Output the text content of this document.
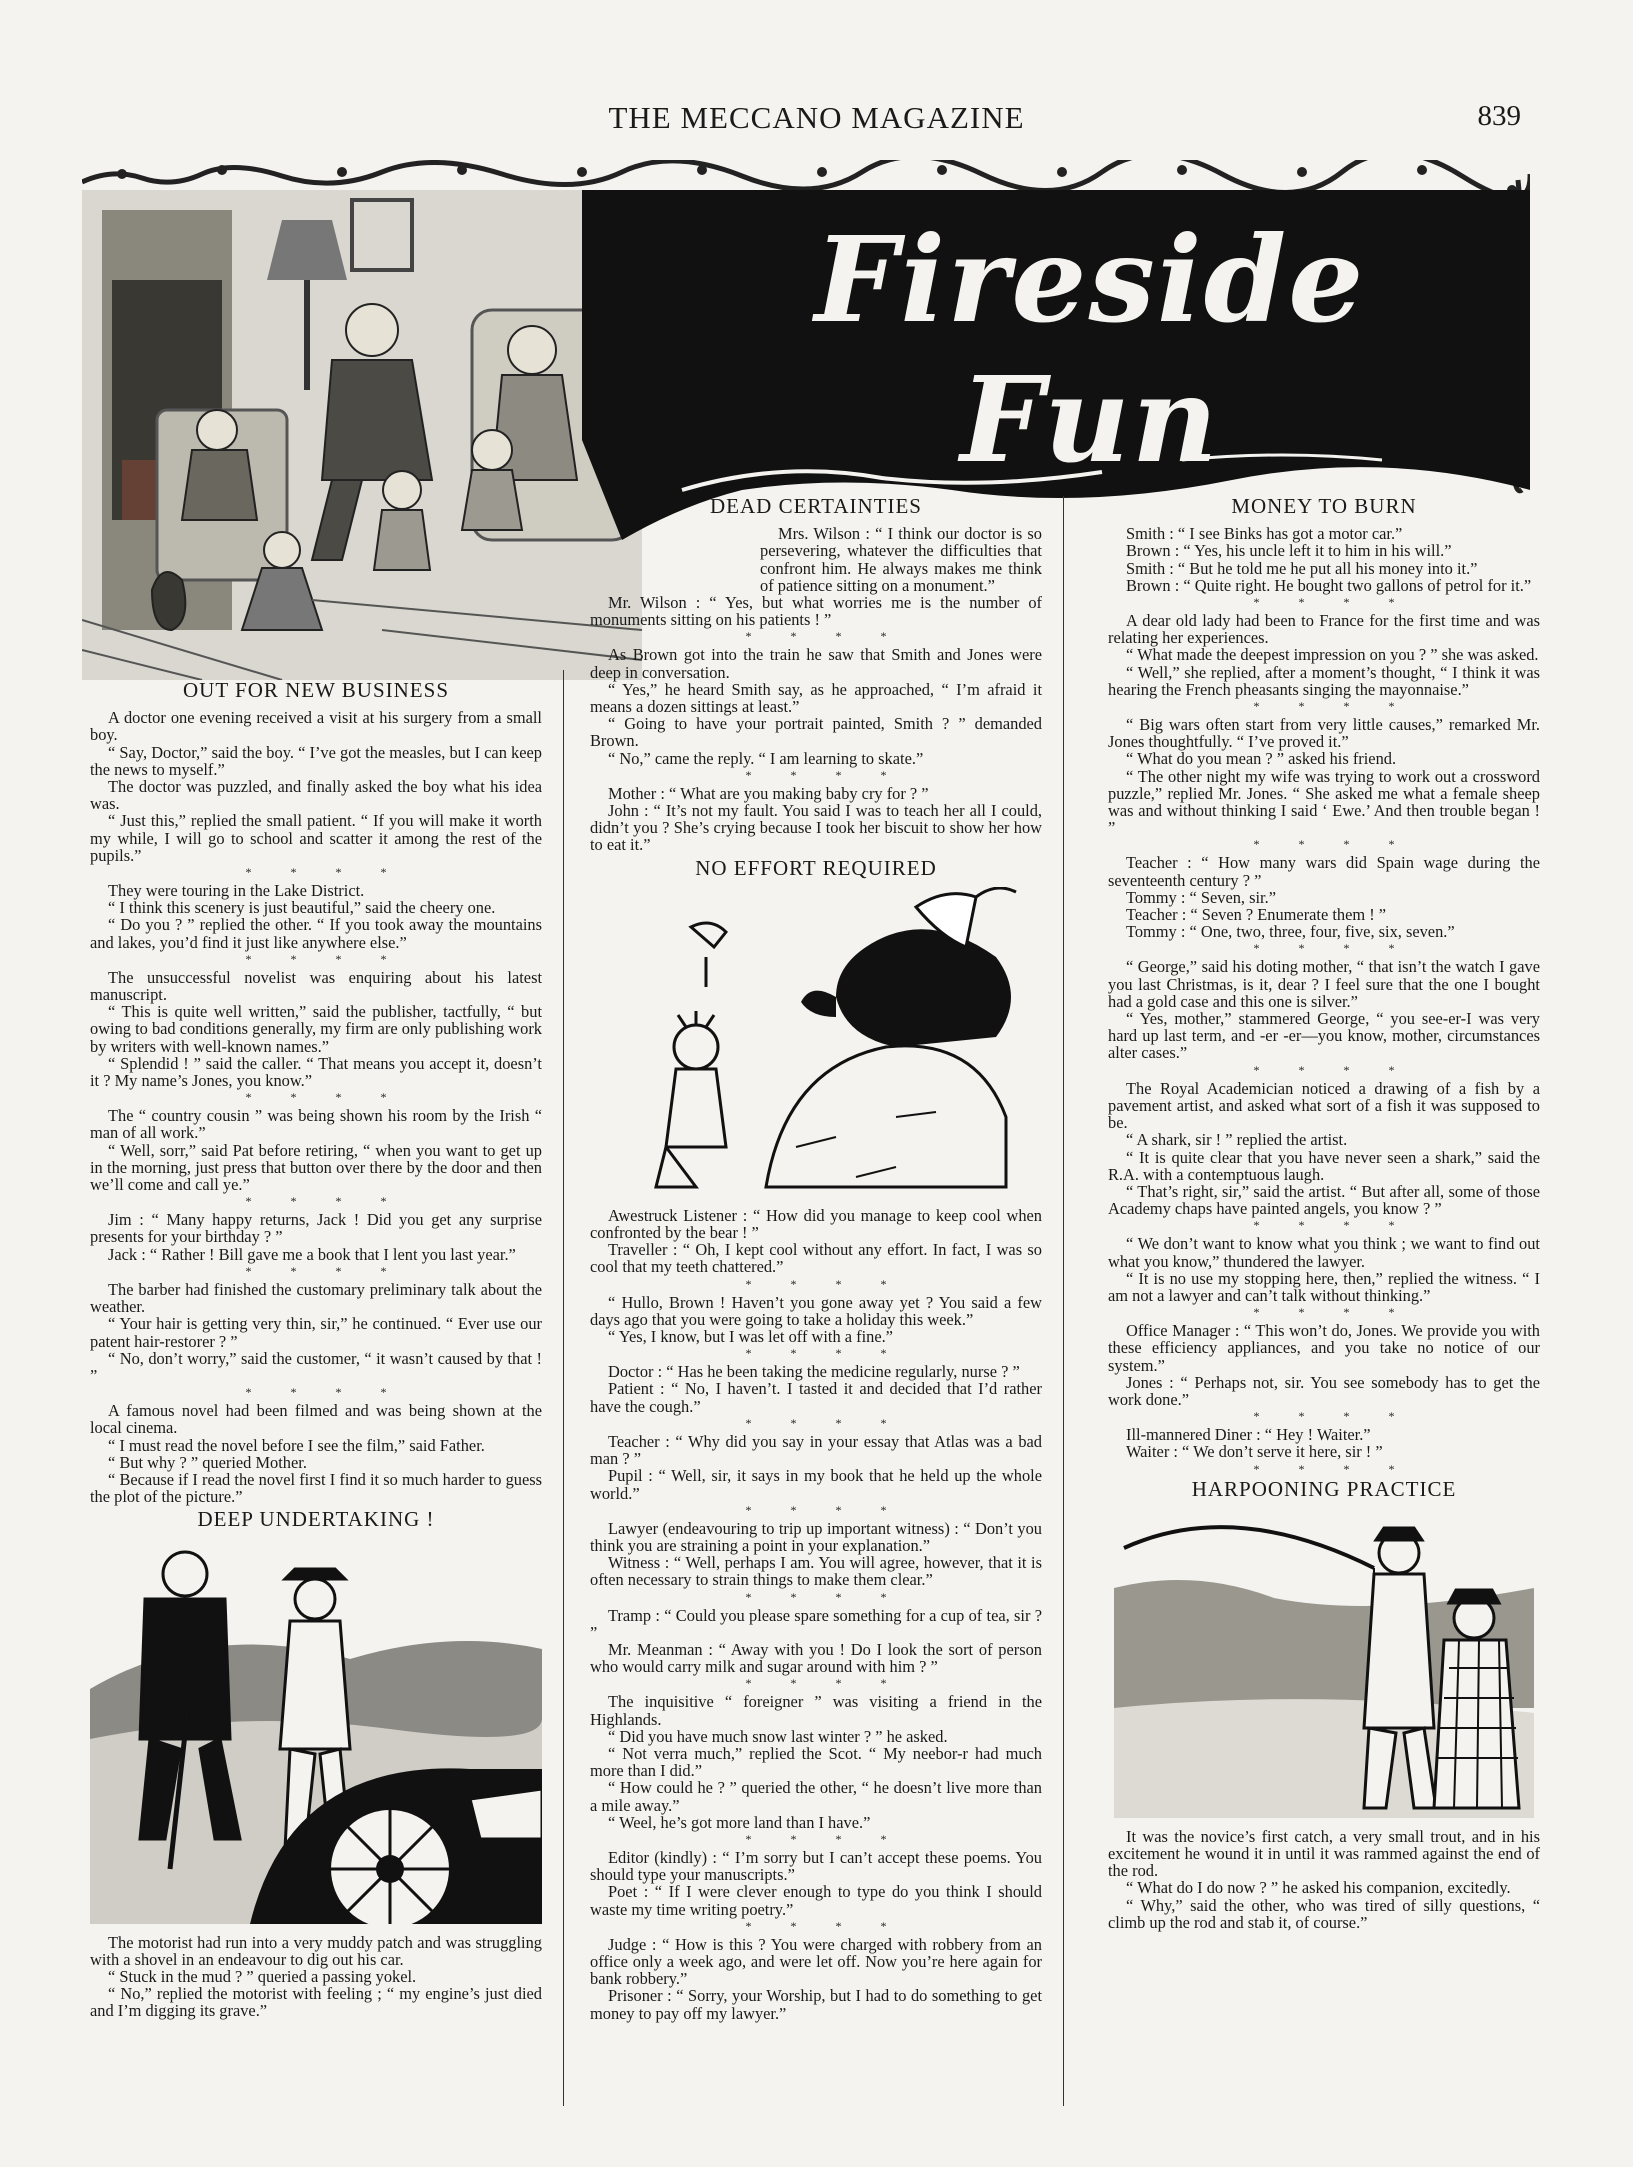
THE MECCANO MAGAZINE	839
Fireside Fun
OUT FOR NEW BUSINESS

A doctor one evening received a visit at his surgery from a small boy.

“ Say, Doctor,” said the boy. “ I’ve got the measles, but I can keep the news to myself.”

The doctor was puzzled, and finally asked the boy what his idea was.

“ Just this,” replied the small patient. “ If you will make it worth my while, I will go to school and scatter it among the rest of the pupils.”

* * * *

They were touring in the Lake District.

“ I think this scenery is just beautiful,” said the cheery one.

“ Do you ? ” replied the other. “ If you took away the mountains and lakes, you’d find it just like anywhere else.”

* * * *

The unsuccessful novelist was enquiring about his latest manuscript.

“ This is quite well written,” said the publisher, tactfully, “ but owing to bad conditions generally, my firm are only publishing work by writers with well-known names.”

“ Splendid ! ” said the caller. “ That means you accept it, doesn’t it ? My name’s Jones, you know.”

* * * *

The “ country cousin ” was being shown his room by the Irish “ man of all work.”

“ Well, sorr,” said Pat before retiring, “ when you want to get up in the morning, just press that button over there by the door and then we’ll come and call ye.”

* * * *

Jim : “ Many happy returns, Jack ! Did you get any surprise presents for your birthday ? ”

Jack : “ Rather ! Bill gave me a book that I lent you last year.”

* * * *

The barber had finished the customary preliminary talk about the weather.

“ Your hair is getting very thin, sir,” he continued. “ Ever use our patent hair-restorer ? ”

“ No, don’t worry,” said the customer, “ it wasn’t caused by that ! ”

* * * *

A famous novel had been filmed and was being shown at the local cinema.

“ I must read the novel before I see the film,” said Father.

“ But why ? ” queried Mother.

“ Because if I read the novel first I find it so much harder to guess the plot of the picture.”

DEEP UNDERTAKING !

The motorist had run into a very muddy patch and was struggling with a shovel in an endeavour to dig out his car.

“ Stuck in the mud ? ” queried a passing yokel.

“ No,” replied the motorist with feeling ; “ my engine’s just died and I’m digging its grave.”

DEAD CERTAINTIES

Mrs. Wilson : “ I think our doctor is so persevering, whatever the difficulties that confront him. He always makes me think of patience sitting on a monument.”

Mr. Wilson : “ Yes, but what worries me is the number of monuments sitting on his patients ! ”

* * * *

As Brown got into the train he saw that Smith and Jones were deep in conversation.

“ Yes,” he heard Smith say, as he approached, “ I’m afraid it means a dozen sittings at least.”

“ Going to have your portrait painted, Smith ? ” demanded Brown.

“ No,” came the reply. “ I am learning to skate.”

* * * *

Mother : “ What are you making baby cry for ? ”

John : “ It’s not my fault. You said I was to teach her all I could, didn’t you ? She’s crying because I took her biscuit to show her how to eat it.”

NO EFFORT REQUIRED

Awestruck Listener : “ How did you manage to keep cool when confronted by the bear ! ”

Traveller : “ Oh, I kept cool without any effort. In fact, I was so cool that my teeth chattered.”

* * * *

“ Hullo, Brown ! Haven’t you gone away yet ? You said a few days ago that you were going to take a holiday this week.”

“ Yes, I know, but I was let off with a fine.”

* * * *

Doctor : “ Has he been taking the medicine regularly, nurse ? ”

Patient : “ No, I haven’t. I tasted it and decided that I’d rather have the cough.”

* * * *

Teacher : “ Why did you say in your essay that Atlas was a bad man ? ”

Pupil : “ Well, sir, it says in my book that he held up the whole world.”

* * * *

Lawyer (endeavouring to trip up important witness) : “ Don’t you think you are straining a point in your explanation.”

Witness : “ Well, perhaps I am. You will agree, however, that it is often necessary to strain things to make them clear.”

* * * *

Tramp : “ Could you please spare something for a cup of tea, sir ? ”

Mr. Meanman : “ Away with you ! Do I look the sort of person who would carry milk and sugar around with him ? ”

* * * *

The inquisitive “ foreigner ” was visiting a friend in the Highlands.

“ Did you have much snow last winter ? ” he asked.

“ Not verra much,” replied the Scot. “ My neebor-r had much more than I did.”

“ How could he ? ” queried the other, “ he doesn’t live more than a mile away.”

“ Weel, he’s got more land than I have.”

* * * *

Editor (kindly) : “ I’m sorry but I can’t accept these poems. You should type your manuscripts.”

Poet : “ If I were clever enough to type do you think I should waste my time writing poetry.”

* * * *

Judge : “ How is this ? You were charged with robbery from an office only a week ago, and were let off. Now you’re here again for bank robbery.”

Prisoner : “ Sorry, your Worship, but I had to do something to get money to pay off my lawyer.”

MONEY TO BURN

Smith : “ I see Binks has got a motor car.”

Brown : “ Yes, his uncle left it to him in his will.”

Smith : “ But he told me he put all his money into it.”

Brown : “ Quite right. He bought two gallons of petrol for it.”

* * * *

A dear old lady had been to France for the first time and was relating her experiences.

“ What made the deepest impression on you ? ” she was asked.

“ Well,” she replied, after a moment’s thought, “ I think it was hearing the French pheasants singing the mayonnaise.”

* * * *

“ Big wars often start from very little causes,” remarked Mr. Jones thoughtfully. “ I’ve proved it.”

“ What do you mean ? ” asked his friend.

“ The other night my wife was trying to work out a crossword puzzle,” replied Mr. Jones. “ She asked me what a female sheep was and without thinking I said ‘ Ewe.’ And then trouble began ! ”

* * * *

Teacher : “ How many wars did Spain wage during the seventeenth century ? ”

Tommy : “ Seven, sir.”

Teacher : “ Seven ? Enumerate them ! ”

Tommy : “ One, two, three, four, five, six, seven.”

* * * *

“ George,” said his doting mother, “ that isn’t the watch I gave you last Christmas, is it, dear ? I feel sure that the one I bought had a gold case and this one is silver.”

“ Yes, mother,” stammered George, “ you see-er-I was very hard up last term, and -er -er—you know, mother, circumstances alter cases.”

* * * *

The Royal Academician noticed a drawing of a fish by a pavement artist, and asked what sort of a fish it was supposed to be.

“ A shark, sir ! ” replied the artist.

“ It is quite clear that you have never seen a shark,” said the R.A. with a contemptuous laugh.

“ That’s right, sir,” said the artist. “ But after all, some of those Academy chaps have painted angels, you know ? ”

* * * *

“ We don’t want to know what you think ; we want to find out what you know,” thundered the lawyer.

“ It is no use my stopping here, then,” replied the witness. “ I am not a lawyer and can’t talk without thinking.”

* * * *

Office Manager : “ This won’t do, Jones. We provide you with these efficiency appliances, and you take no notice of our system.”

Jones : “ Perhaps not, sir. You see somebody has to get the work done.”

* * * *

Ill-mannered Diner : “ Hey ! Waiter.”

Waiter : “ We don’t serve it here, sir ! ”

* * * *
HARPOONING PRACTICE

It was the novice’s first catch, a very small trout, and in his excitement he wound it in until it was rammed against the end of the rod.

“ What do I do now ? ” he asked his companion, excitedly.

“ Why,” said the other, who was tired of silly questions, “ climb up the rod and stab it, of course.”
